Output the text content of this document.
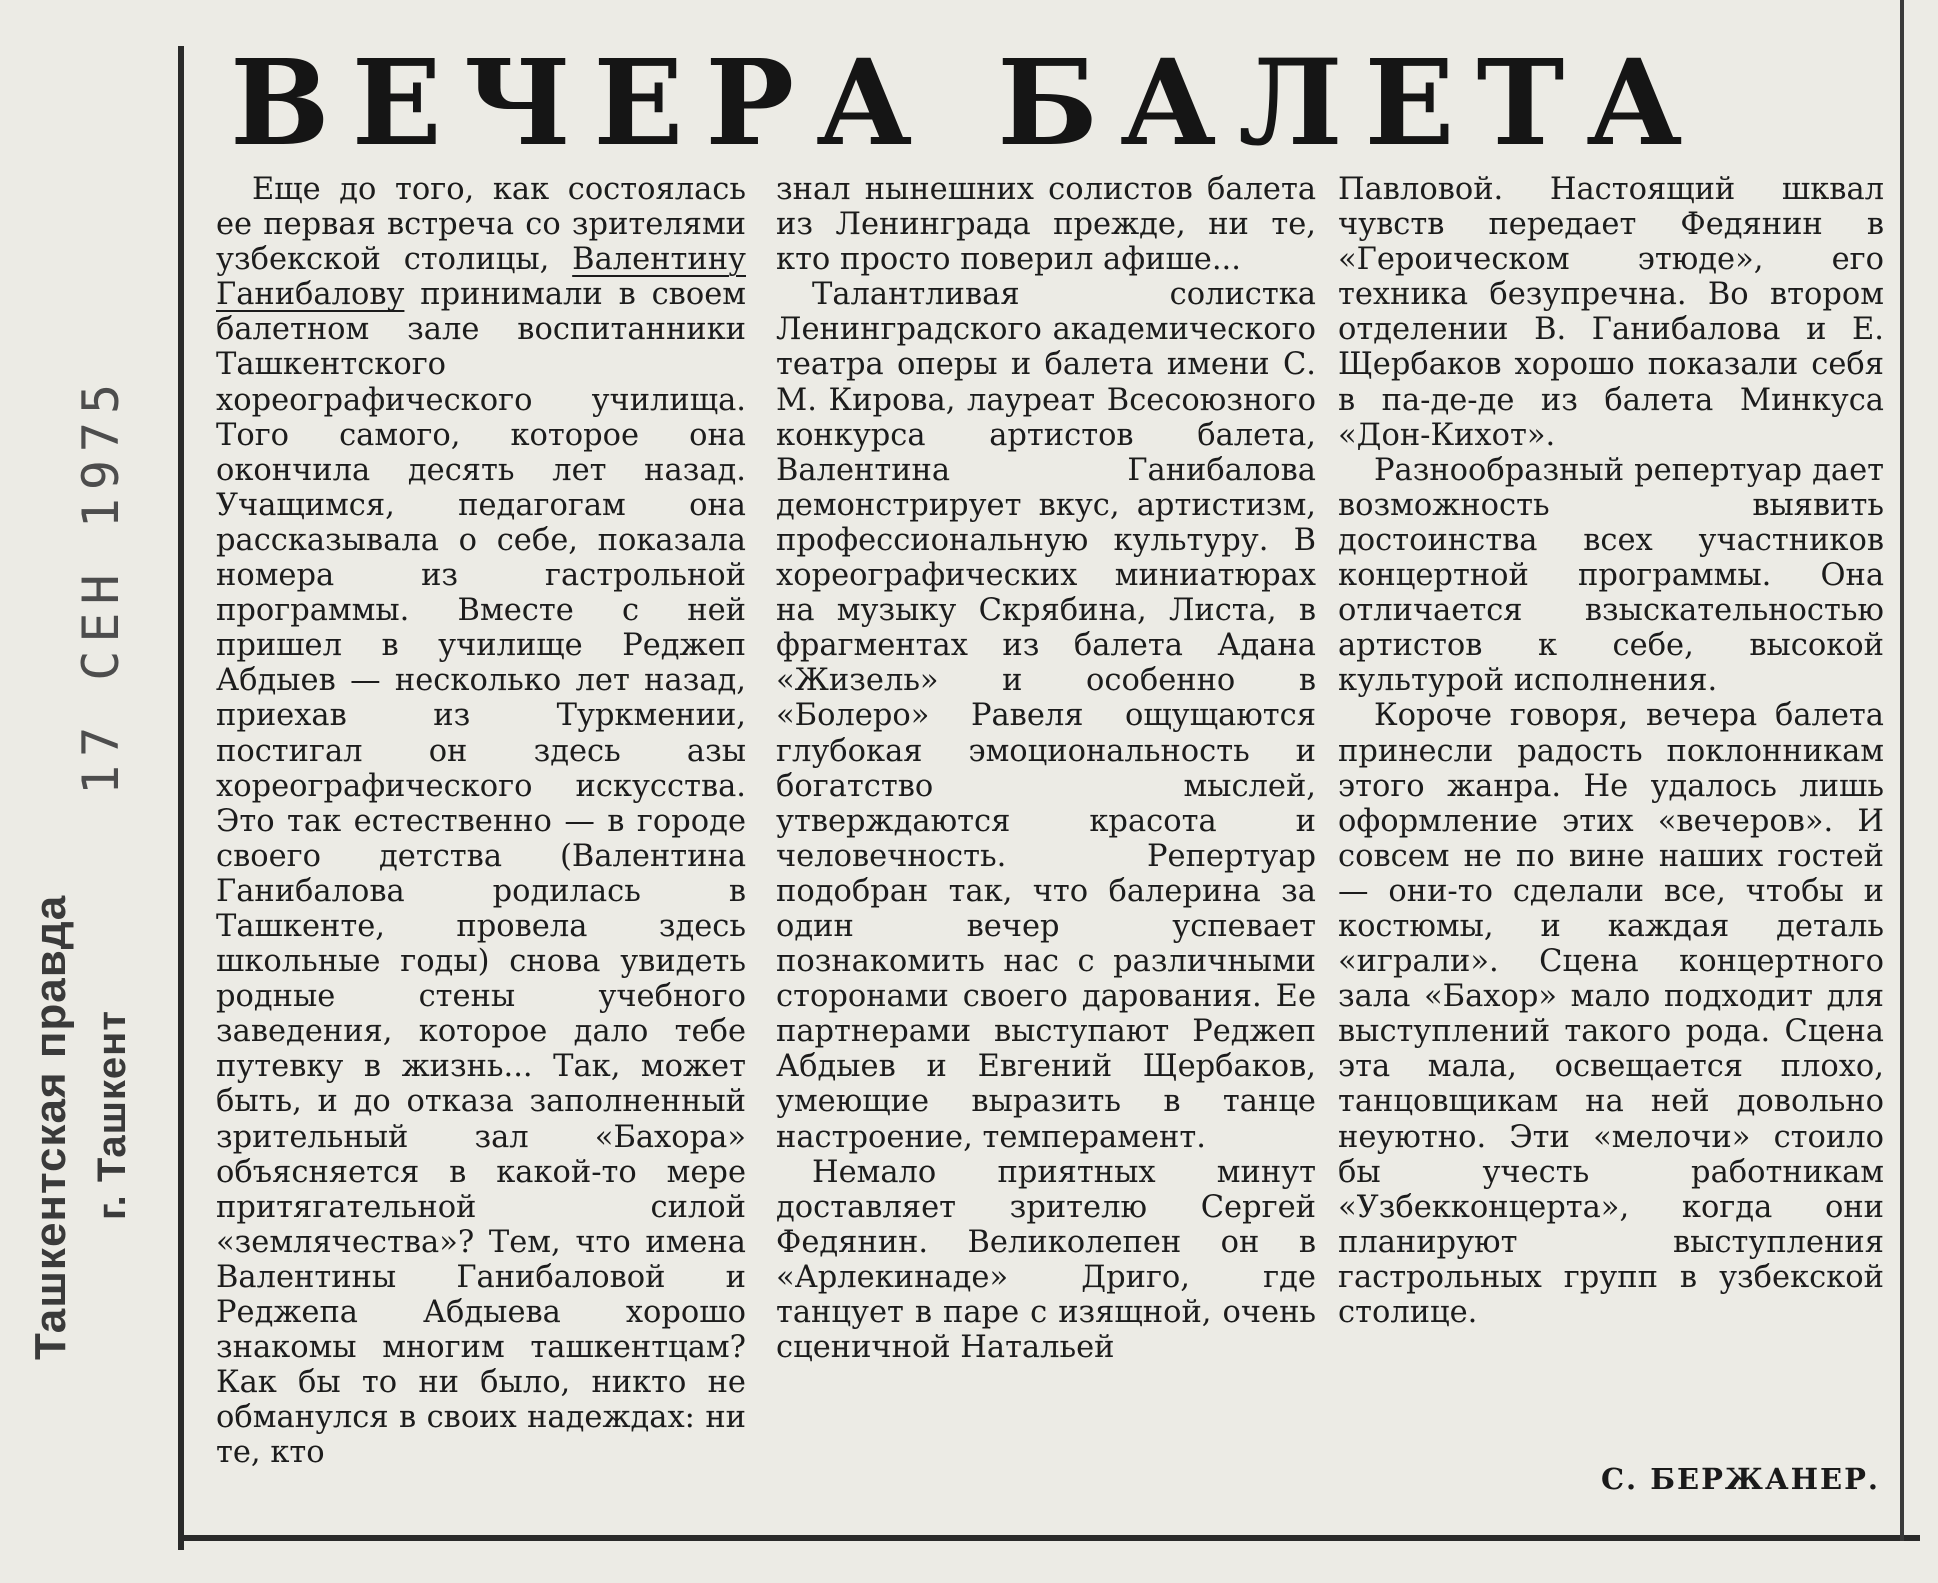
17 СЕН 1975
Ташкентская правда г. Ташкент
ВЕЧЕРА БАЛЕТА

Еще до того, как состоялась ее первая встреча со зрителями узбекской столицы, Валентину Ганибалову принимали в своем балетном зале воспитанники Ташкентского хореографического училища. Того самого, которое она окончила десять лет назад. Учащимся, педагогам она рассказывала о себе, показала номера из гастрольной программы. Вместе с ней пришел в училище Реджеп Абдыев — несколько лет назад, приехав из Туркмении, постигал он здесь азы хореографического искусства. Это так естественно — в городе своего детства (Валентина Ганибалова родилась в Ташкенте, провела здесь школьные годы) снова увидеть родные стены учебного заведения, которое дало тебе путевку в жизнь... Так, может быть, и до отказа заполненный зрительный зал «Бахора» объясняется в какой-то мере притягательной силой «землячества»? Тем, что имена Валентины Ганибаловой и Реджепа Абдыева хорошо знакомы многим ташкентцам? Как бы то ни было, никто не обманулся в своих надеждах: ни те, кто

знал нынешних солистов балета из Ленинграда прежде, ни те, кто просто поверил афише...

Талантливая солистка Ленинградского академического театра оперы и балета имени С. М. Кирова, лауреат Всесоюзного конкурса артистов балета, Валентина Ганибалова демонстрирует вкус, артистизм, профессиональную культуру. В хореографических миниатюрах на музыку Скрябина, Листа, в фрагментах из балета Адана «Жизель» и особенно в «Болеро» Равеля ощущаются глубокая эмоциональность и богатство мыслей, утверждаются красота и человечность. Репертуар подобран так, что балерина за один вечер успевает познакомить нас с различными сторонами своего дарования. Ее партнерами выступают Реджеп Абдыев и Евгений Щербаков, умеющие выразить в танце настроение, темперамент.

Немало приятных минут доставляет зрителю Сергей Федянин. Великолепен он в «Арлекинаде» Дриго, где танцует в паре с изящной, очень сценичной Натальей

Павловой. Настоящий шквал чувств передает Федянин в «Героическом этюде», его техника безупречна. Во втором отделении В. Ганибалова и Е. Щербаков хорошо показали себя в па-де-де из балета Минкуса «Дон-Кихот».

Разнообразный репертуар дает возможность выявить достоинства всех участников концертной программы. Она отличается взыскательностью артистов к себе, высокой культурой исполнения.

Короче говоря, вечера балета принесли радость поклонникам этого жанра. Не удалось лишь оформление этих «вечеров». И совсем не по вине наших гостей — они-то сделали все, чтобы и костюмы, и каждая деталь «играли». Сцена концертного зала «Бахор» мало подходит для выступлений такого рода. Сцена эта мала, освещается плохо, танцовщикам на ней довольно неуютно. Эти «мелочи» стоило бы учесть работникам «Узбекконцерта», когда они планируют выступления гастрольных групп в узбекской столице.

С. БЕРЖАНЕР.
